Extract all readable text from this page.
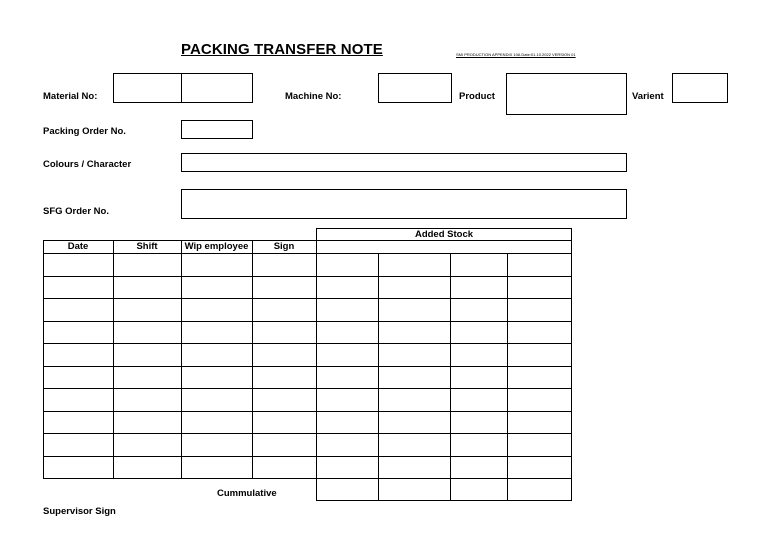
PACKING TRANSFER NOTE	SMI PRODUCTION APPENDIX 10A Date:01.10.2022 VERSION 01
Material No:	Machine No:	Product	Varient
Packing Order No.
Colours / Character
SFG Order No.
Added Stock
Date	Shift	Wip employee	Sign
Cummulative
Supervisor Sign
